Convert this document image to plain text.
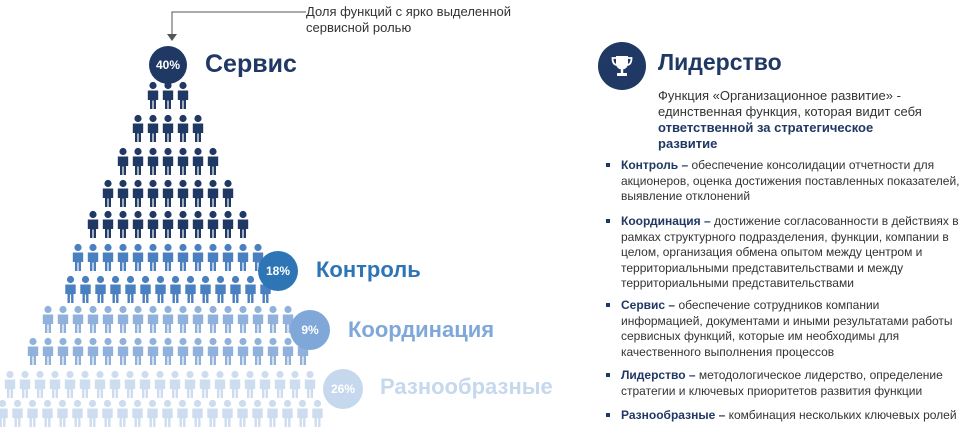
Доля функций с ярко выделенной сервисной ролью
40% Сервис
18%	Контроль
9%	Координация
26%	Разнообразные
Лидерство
Функция «Организационное развитие» - единственная функция, которая видит себя ответственной за стратегическое развитие
Контроль – обеспечение консолидации отчетности для акционеров, оценка достижения поставленных показателей, выявление отклонений
Координация – достижение согласованности в действиях в рамках структурного подразделения, функции, компании в целом, организация обмена опытом между центром и территориальными представительствами и между территориальными представительствами
Сервис – обеспечение сотрудников компании информацией, документами и иными результатами работы сервисных функций, которые им необходимы для качественного выполнения процессов
Лидерство – методологическое лидерство, определение стратегии и ключевых приоритетов развития функции
Разнообразные – комбинация нескольких ключевых ролей
